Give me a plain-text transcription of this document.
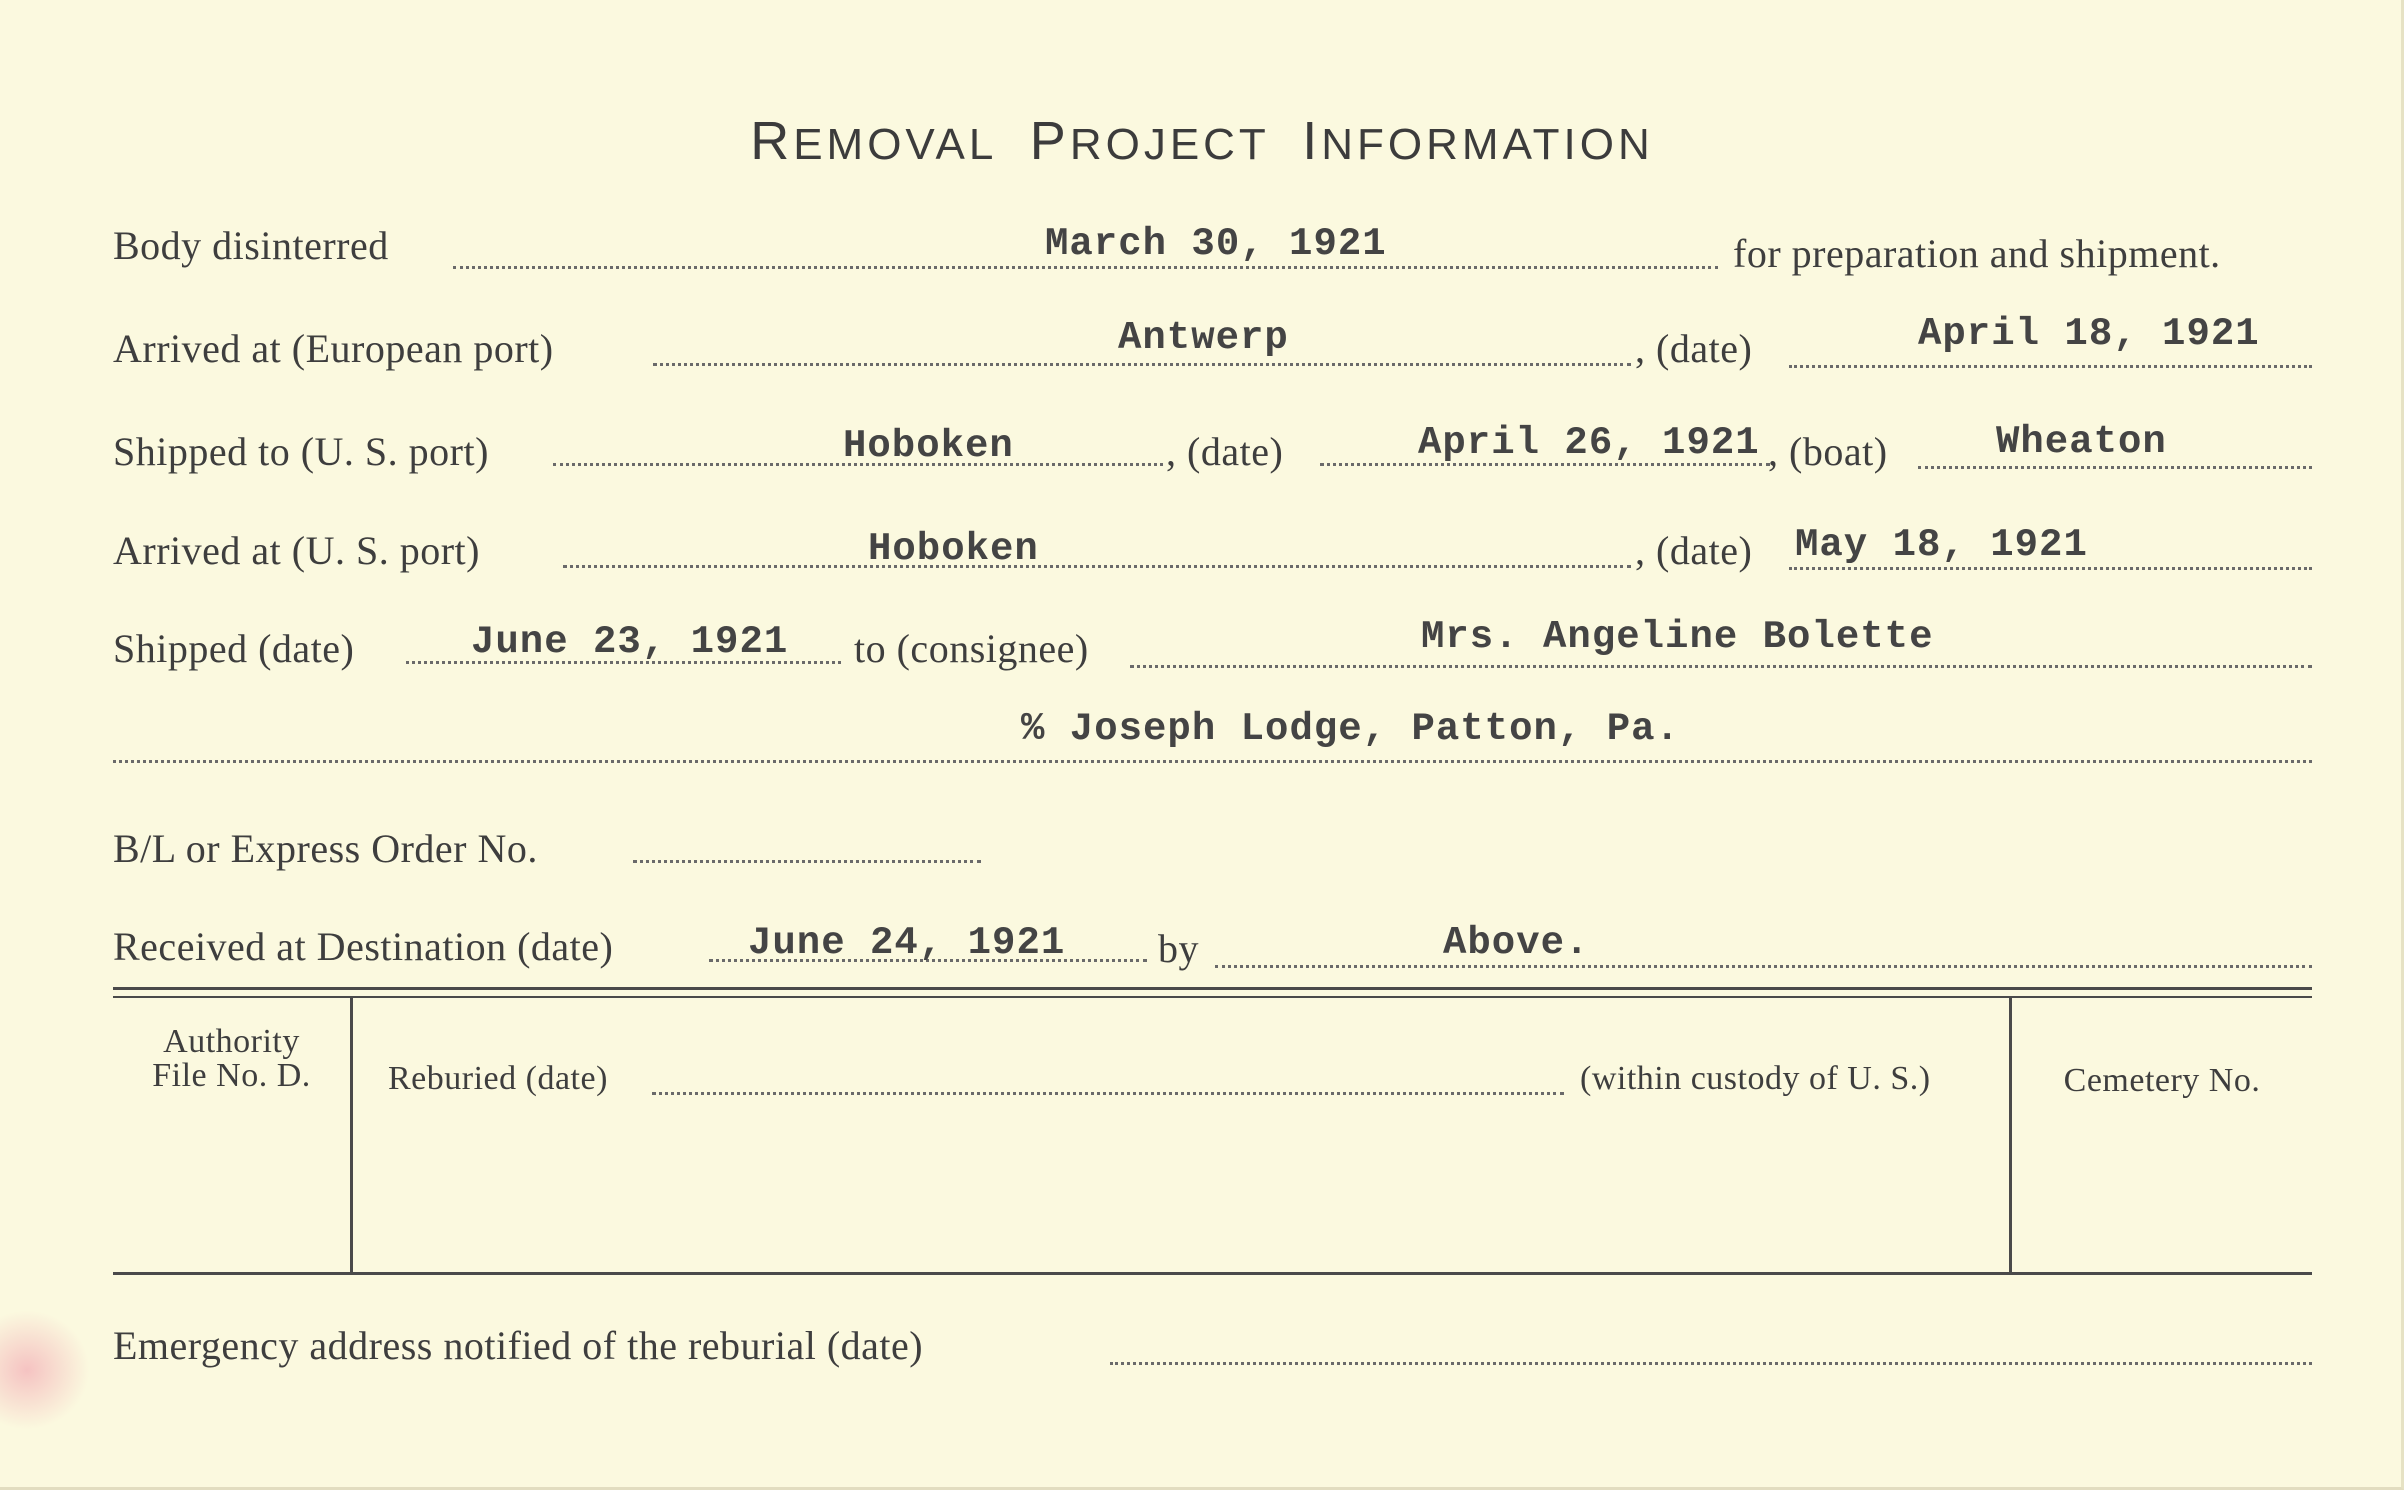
REMOVAL PROJECT INFORMATION
Body disinterred	March 30, 1921	for preparation and shipment.
Arrived at (European port)	Antwerp	, (date)	April 18, 1921
Shipped to (U. S. port)	Hoboken	, (date)	April 26, 1921 , (boat)	Wheaton
Arrived at (U. S. port)	Hoboken	, (date) May 18, 1921
Shipped (date)	June 23, 1921 to (consignee)	Mrs. Angeline Bolette
% Joseph Lodge, Patton, Pa.
B/L or Express Order No.
Received at Destination (date)	June 24, 1921 by	Above.
Authority
File No. D.	Reburied (date)	(within custody of U. S.)	Cemetery No.
Emergency address notified of the reburial (date)
